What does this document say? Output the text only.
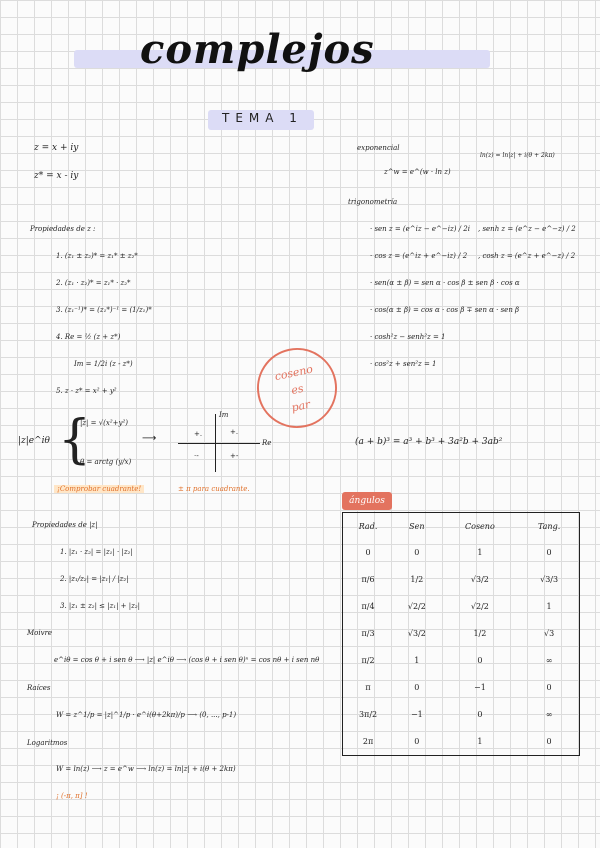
complejos
TEMA 1
z = x + iy
z* = x - iy
Propiedades de z :
1. (z₁ ± z₂)* = z₁* ± z₂*
2. (z₁ · z₂)* = z₁* · z₂*
3. (z₁⁻¹)* = (z₁*)⁻¹ = (1/z₁)*
4. Re = ½ (z + z*)
Im = 1/2i (z - z*)
5. z · z* = x² + y²
|z|e^iθ {
|z| = √(x²+y²)
θ = arctg (y/x)
⟶
Im
Re
+.	+.
·-	+-
¡Comprobar cuadrante!	± π para cuadrante.
Propiedades de |z|
1. |z₁ · z₂| = |z₁| · |z₂|
2. |z₁/z₂| = |z₁| / |z₂|
3. |z₁ ± z₂| ≤ |z₁| + |z₂|
Moivre
e^iθ = cos θ + i sen θ ⟶ |z| e^iθ ⟶ (cos θ + i sen θ)ⁿ = cos nθ + i sen nθ
Raíces
W = z^1/p = |z|^1/p · e^i(θ+2kπ)/p ⟶ (0, ..., p-1)
Logaritmos
W = ln(z) ⟶ z = e^w ⟶ ln(z) = ln|z| + i(θ + 2kπ)
¡ (-π, π] !
exponencial
z^w = e^(w · ln z)
ln(z) = ln|z| + i(θ + 2kπ)
trigonometría
· sen z = (e^iz − e^−iz) / 2i , senh z = (e^z − e^−z) / 2
· cos z = (e^iz + e^−iz) / 2 , cosh z = (e^z + e^−z) / 2
· sen(α ± β) = sen α · cos β ± sen β · cos α
· cos(α ± β) = cos α · cos β ∓ sen α · sen β
· cosh²z − senh²z = 1
· cos²z + sen²z = 1
coseno
es
par
(a + b)³ = a³ + b³ + 3a²b + 3ab²
ángulos
Rad.	Sen	Coseno	Tang.
0	0	1	0
π/6	1/2	√3/2	√3/3
π/4	√2/2	√2/2	1
π/3	√3/2	1/2	√3
π/2	1	0	∞
π	0	−1	0
3π/2	−1	0	∞
2π	0	1	0
